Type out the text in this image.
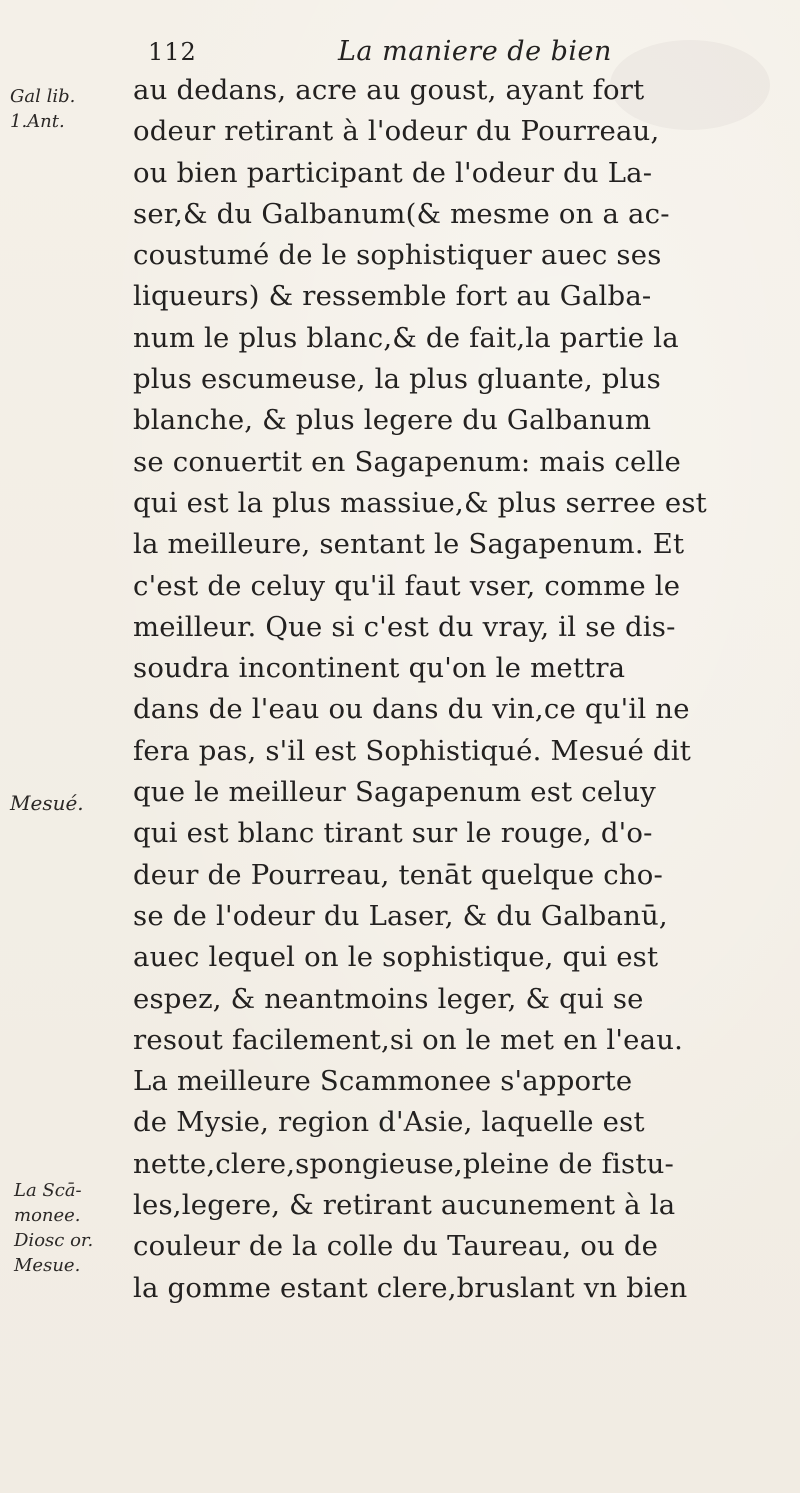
112	La maniere de bien
Gal lib.
1.Ant.
Mesué.
La Scā-
monee.
Diosc or.
Mesue.
au dedans, acre au goust, ayant fort
odeur retirant à l'odeur du Pourreau,
ou bien participant de l'odeur du La-
ser,& du Galbanum(& mesme on a ac-
coustumé de le sophistiquer auec ses
liqueurs) & ressemble fort au Galba-
num le plus blanc,& de fait,la partie la
plus escumeuse, la plus gluante, plus
blanche, & plus legere du Galbanum
se conuertit en Sagapenum: mais celle
qui est la plus massiue,& plus serree est
la meilleure, sentant le Sagapenum. Et
c'est de celuy qu'il faut vser, comme le
meilleur. Que si c'est du vray, il se dis-
soudra incontinent qu'on le mettra
dans de l'eau ou dans du vin,ce qu'il ne
fera pas, s'il est Sophistiqué. Mesué dit
que le meilleur Sagapenum est celuy
qui est blanc tirant sur le rouge, d'o-
deur de Pourreau, tenāt quelque cho-
se de l'odeur du Laser, & du Galbanū,
auec lequel on le sophistique, qui est
espez, & neantmoins leger, & qui se
resout facilement,si on le met en l'eau.
La meilleure Scammonee s'apporte
de Mysie, region d'Asie, laquelle est
nette,clere,spongieuse,pleine de fistu-
les,legere, & retirant aucunement à la
couleur de la colle du Taureau, ou de
la gomme estant clere,bruslant vn bien
